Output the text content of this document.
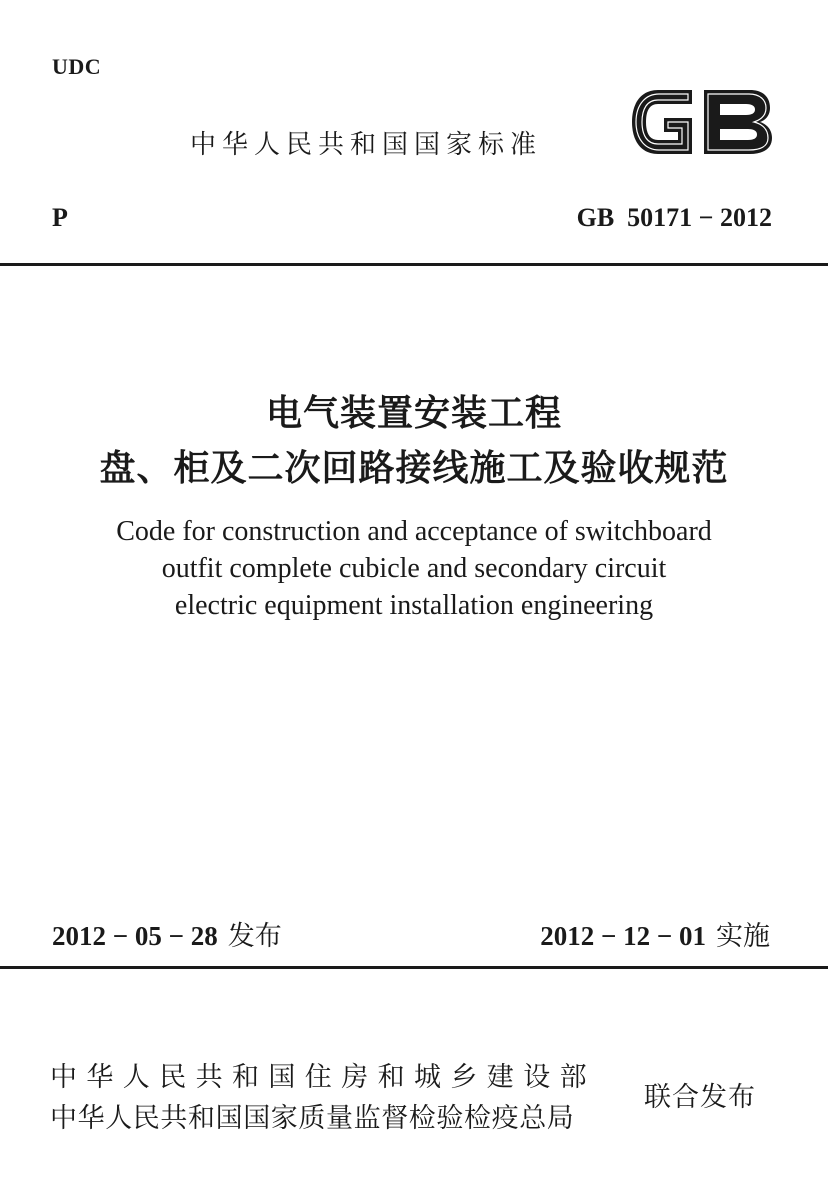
UDC
中华人民共和国国家标准
P	GB  50171 − 2012
电气装置安装工程
盘、柜及二次回路接线施工及验收规范
Code for construction and acceptance of switchboard
outfit complete cubicle and secondary circuit
electric equipment installation engineering
2012 − 05 − 28 发布	2012 − 12 − 01 实施
中华人民共和国住房和城乡建设部
中华人民共和国国家质量监督检验检疫总局
联合发布
